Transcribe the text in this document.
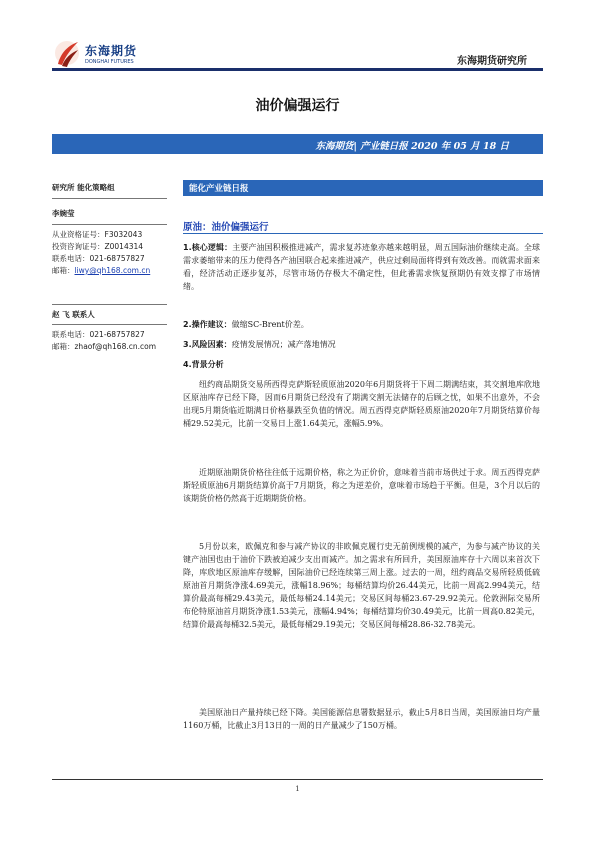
东海期货
DONGHAI FUTURES	东海期货研究所
油价偏强运行
东海期货| 产业链日报 2020 年 05 月 18 日
研究所 能化策略组
李婉莹
从业资格证号：F3032043
投资咨询证号：Z0014314
联系电话：021-68757827
邮箱：liwy@qh168.com.cn
赵 飞 联系人
联系电话：021-68757827
邮箱：zhaof@qh168.cn.com
能化产业链日报
原油：油价偏强运行
1.核心逻辑：主要产油国积极推进减产，需求复苏迹象亦越来越明显，周五国际油价继续走高。全球需求萎缩带来的压力使得各产油国联合起来推进减产，供应过剩局面将得到有效改善。而就需求面来看，经济活动正逐步复苏，尽管市场仍存极大不确定性，但此番需求恢复预期仍有效支撑了市场情绪。
2.操作建议：做缩SC-Brent价差。
3.风险因素：疫情发展情况；减产落地情况
4.背景分析
纽约商品期货交易所西得克萨斯轻质原油2020年6月期货将于下周二期满结束，其交割地库欣地区原油库存已经下降，因而6月期货已经没有了期满交割无法储存的后顾之忧，如果不出意外，不会出现5月期货临近期满日价格暴跌至负值的情况。周五西得克萨斯轻质原油2020年7月期货结算价每桶29.52美元，比前一交易日上涨1.64美元，涨幅5.9%。
近期原油期货价格往往低于远期价格，称之为正价价，意味着当前市场供过于求。周五西得克萨斯轻质原油6月期货结算价高于7月期货，称之为逆差价，意味着市场趋于平衡。但是，3个月以后的该期货价格仍然高于近期期货价格。
5月份以来，欧佩克和参与减产协议的非欧佩克履行史无前例规模的减产，为参与减产协议的关键产油国也由于油价下跌被迫减少支出而减产。加之需求有所回升，美国原油库存十六周以来首次下降，库欣地区原油库存缓解，国际油价已经连续第三周上涨。过去的一周，纽约商品交易所轻质低硫原油首月期货净涨4.69美元，涨幅18.96%；每桶结算均价26.44美元，比前一周高2.994美元，结算价最高每桶29.43美元，最低每桶24.14美元；交易区间每桶23.67-29.92美元。伦敦洲际交易所布伦特原油首月期货净涨1.53美元，涨幅4.94%；每桶结算均价30.49美元，比前一周高0.82美元，结算价最高每桶32.5美元，最低每桶29.19美元；交易区间每桶28.86-32.78美元。
美国原油日产量持续已经下降。美国能源信息署数据显示，截止5月8日当周，美国原油日均产量1160万桶，比截止3月13日的一周的日产量减少了150万桶。
1
